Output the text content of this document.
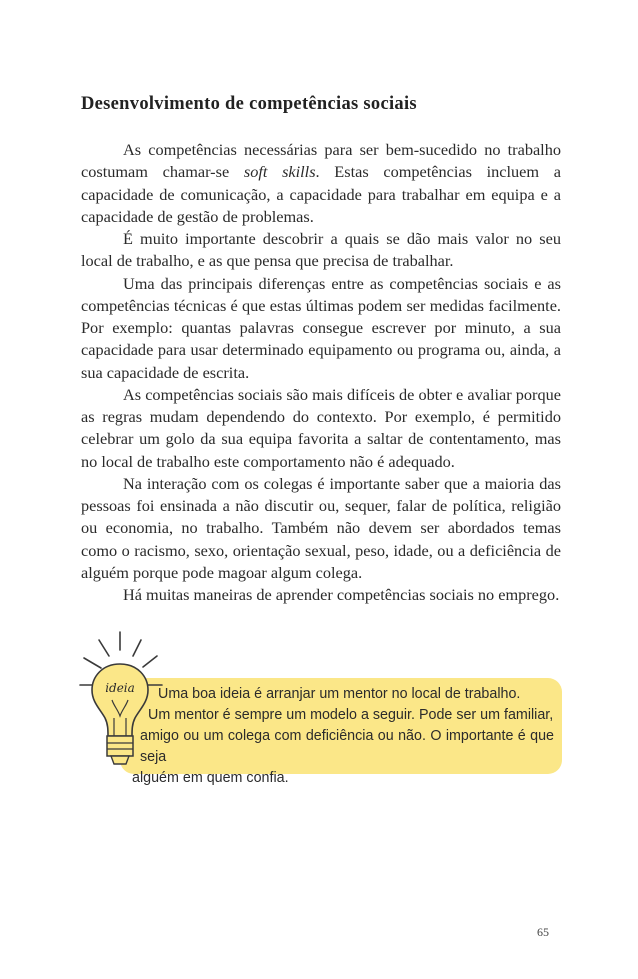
Desenvolvimento de competências sociais

As competências necessárias para ser bem-sucedido no trabalho costumam chamar-se soft skills. Estas competências incluem a capacidade de comunicação, a capacidade para trabalhar em equipa e a capacidade de gestão de problemas.

É muito importante descobrir a quais se dão mais valor no seu local de trabalho, e as que pensa que precisa de trabalhar.

Uma das principais diferenças entre as competências sociais e as competências técnicas é que estas últimas podem ser medidas facilmente. Por exemplo: quantas palavras consegue escrever por minuto, a sua capacidade para usar determinado equipamento ou programa ou, ainda, a sua capacidade de escrita.

As competências sociais são mais difíceis de obter e avaliar porque as regras mudam dependendo do contexto. Por exemplo, é permitido celebrar um golo da sua equipa favorita a saltar de contentamento, mas no local de trabalho este comportamento não é adequado.

Na interação com os colegas é importante saber que a maioria das pessoas foi ensinada a não discutir ou, sequer, falar de política, religião ou economia, no trabalho. Também não devem ser abordados temas como o racismo, sexo, orientação sexual, peso, idade, ou a deficiência de alguém porque pode magoar algum colega.

Há muitas maneiras de aprender competências sociais no emprego.

ideia	Uma boa ideia é arranjar um mentor no local de trabalho.
Um mentor é sempre um modelo a seguir. Pode ser um familiar,
amigo ou um colega com deficiência ou não. O importante é que seja
alguém em quem confia.
65
